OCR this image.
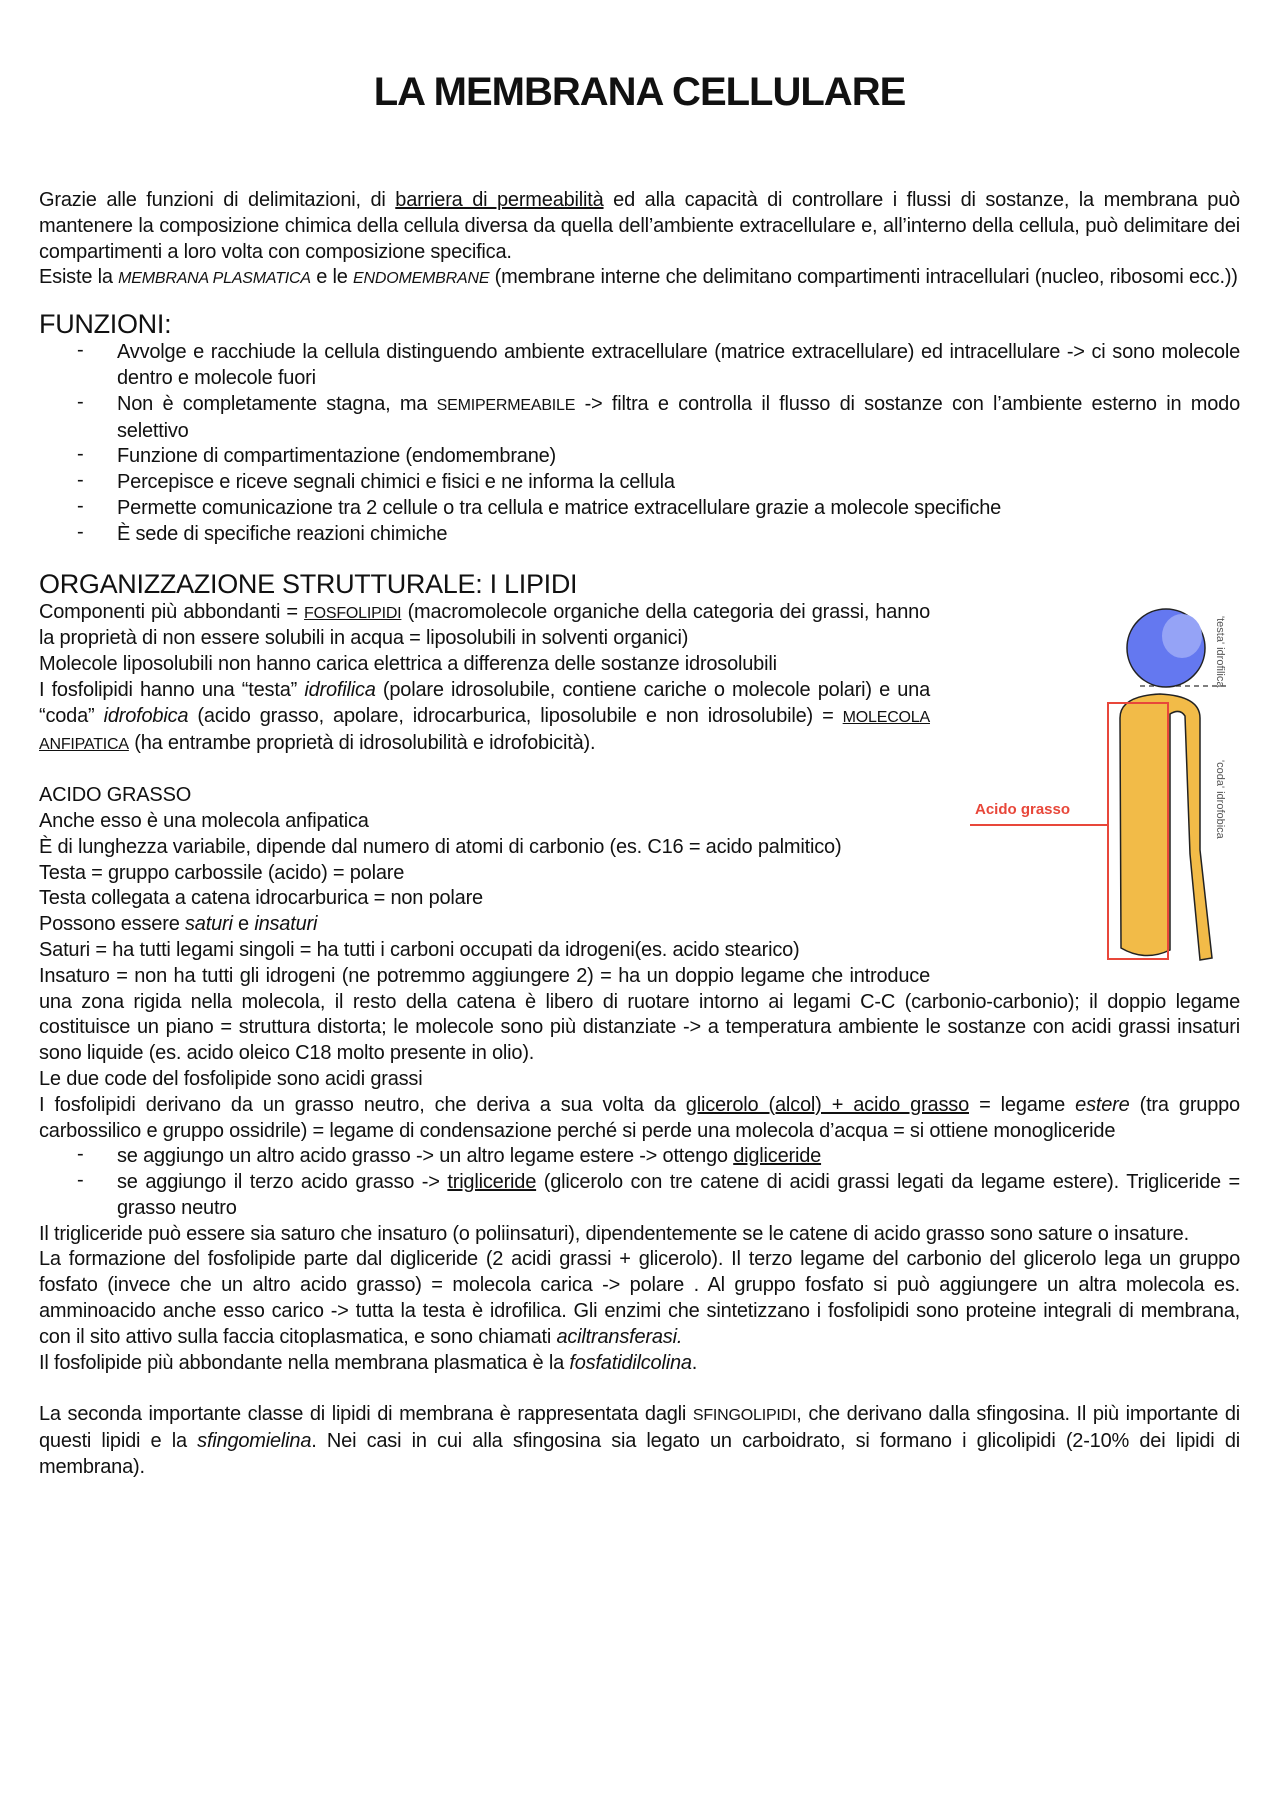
LA MEMBRANA CELLULARE

Grazie alle funzioni di delimitazioni, di barriera di permeabilità ed alla capacità di controllare i flussi di sostanze, la membrana può mantenere la composizione chimica della cellula diversa da quella dell’ambiente extracellulare e, all’interno della cellula, può delimitare dei compartimenti a loro volta con composizione specifica.

Esiste la MEMBRANA PLASMATICA e le ENDOMEMBRANE (membrane interne che delimitano compartimenti intracellulari (nucleo, ribosomi ecc.))

FUNZIONI:
- Avvolge e racchiude la cellula distinguendo ambiente extracellulare (matrice extracellulare) ed intracellulare -> ci sono molecole dentro e molecole fuori
- Non è completamente stagna, ma SEMIPERMEABILE -> filtra e controlla il flusso di sostanze con l’ambiente esterno in modo selettivo
- Funzione di compartimentazione (endomembrane)
- Percepisce e riceve segnali chimici e fisici e ne informa la cellula
- Permette comunicazione tra 2 cellule o tra cellula e matrice extracellulare grazie a molecole specifiche
- È sede di specifiche reazioni chimiche
ORGANIZZAZIONE STRUTTURALE: I LIPIDI
Acido grasso
'testa' idrofilica
'coda' idrofobica

Componenti più abbondanti = FOSFOLIPIDI (macromolecole organiche della categoria dei grassi, hanno la proprietà di non essere solubili in acqua = liposolubili in solventi organici)

Molecole liposolubili non hanno carica elettrica a differenza delle sostanze idrosolubili

I fosfolipidi hanno una “testa” idrofilica (polare idrosolubile, contiene cariche o molecole polari) e una “coda” idrofobica (acido grasso, apolare, idrocarburica, liposolubile e non idrosolubile) = MOLECOLA ANFIPATICA (ha entrambe proprietà di idrosolubilità e idrofobicità).

ACIDO GRASSO

Anche esso è una molecola anfipatica

È di lunghezza variabile, dipende dal numero di atomi di carbonio (es. C16 = acido palmitico)

Testa = gruppo carbossile (acido) = polare

Testa collegata a catena idrocarburica = non polare

Possono essere saturi e insaturi

Saturi = ha tutti legami singoli = ha tutti i carboni occupati da idrogeni(es. acido stearico)

Insaturo = non ha tutti gli idrogeni (ne potremmo aggiungere 2) = ha un doppio legame che introduce una zona rigida nella molecola, il resto della catena è libero di ruotare intorno ai legami C-C (carbonio-carbonio); il doppio legame costituisce un piano = struttura distorta; le molecole sono più distanziate -> a temperatura ambiente le sostanze con acidi grassi insaturi sono liquide (es. acido oleico C18 molto presente in olio).

Le due code del fosfolipide sono acidi grassi

I fosfolipidi derivano da un grasso neutro, che deriva a sua volta da glicerolo (alcol) + acido grasso = legame estere (tra gruppo carbossilico e gruppo ossidrile) = legame di condensazione perché si perde una molecola d’acqua = si ottiene monogliceride

- se aggiungo un altro acido grasso -> un altro legame estere -> ottengo digliceride
- se aggiungo il terzo acido grasso -> trigliceride (glicerolo con tre catene di acidi grassi legati da legame estere). Trigliceride = grasso neutro

Il trigliceride può essere sia saturo che insaturo (o poliinsaturi), dipendentemente se le catene di acido grasso sono sature o insature.

La formazione del fosfolipide parte dal digliceride (2 acidi grassi + glicerolo). Il terzo legame del carbonio del glicerolo lega un gruppo fosfato (invece che un altro acido grasso) = molecola carica -> polare . Al gruppo fosfato si può aggiungere un altra molecola es. amminoacido anche esso carico -> tutta la testa è idrofilica. Gli enzimi che sintetizzano i fosfolipidi sono proteine integrali di membrana, con il sito attivo sulla faccia citoplasmatica, e sono chiamati aciltransferasi.

Il fosfolipide più abbondante nella membrana plasmatica è la fosfatidilcolina.

La seconda importante classe di lipidi di membrana è rappresentata dagli SFINGOLIPIDI, che derivano dalla sfingosina. Il più importante di questi lipidi e la sfingomielina. Nei casi in cui alla sfingosina sia legato un carboidrato, si formano i glicolipidi (2-10% dei lipidi di membrana).
